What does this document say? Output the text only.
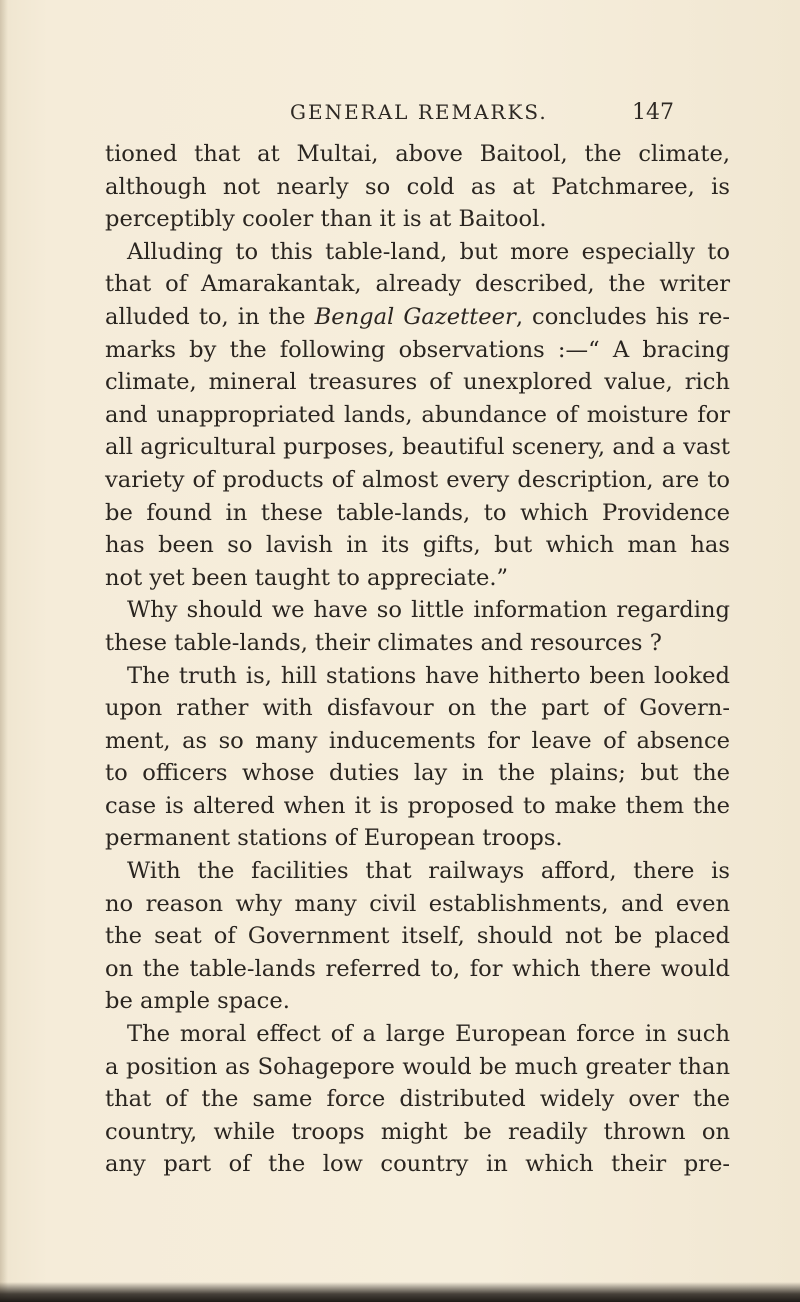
GENERAL REMARKS.	147
tioned that at Multai, above Baitool, the climate,
although not nearly so cold as at Patchmaree, is
perceptibly cooler than it is at Baitool.
Alluding to this table-land, but more especially to
that of Amarakantak, already described, the writer
alluded to, in the Bengal Gazetteer, concludes his re-
marks by the following observations :—“ A bracing
climate, mineral treasures of unexplored value, rich
and unappropriated lands, abundance of moisture for
all agricultural purposes, beautiful scenery, and a vast
variety of products of almost every description, are to
be found in these table-lands, to which Providence
has been so lavish in its gifts, but which man has
not yet been taught to appreciate.”
Why should we have so little information regarding
these table-lands, their climates and resources ?
The truth is, hill stations have hitherto been looked
upon rather with disfavour on the part of Govern-
ment, as so many inducements for leave of absence
to officers whose duties lay in the plains; but the
case is altered when it is proposed to make them the
permanent stations of European troops.
With the facilities that railways afford, there is
no reason why many civil establishments, and even
the seat of Government itself, should not be placed
on the table-lands referred to, for which there would
be ample space.
The moral effect of a large European force in such
a position as Sohagepore would be much greater than
that of the same force distributed widely over the
country, while troops might be readily thrown on
any part of the low country in which their pre-
